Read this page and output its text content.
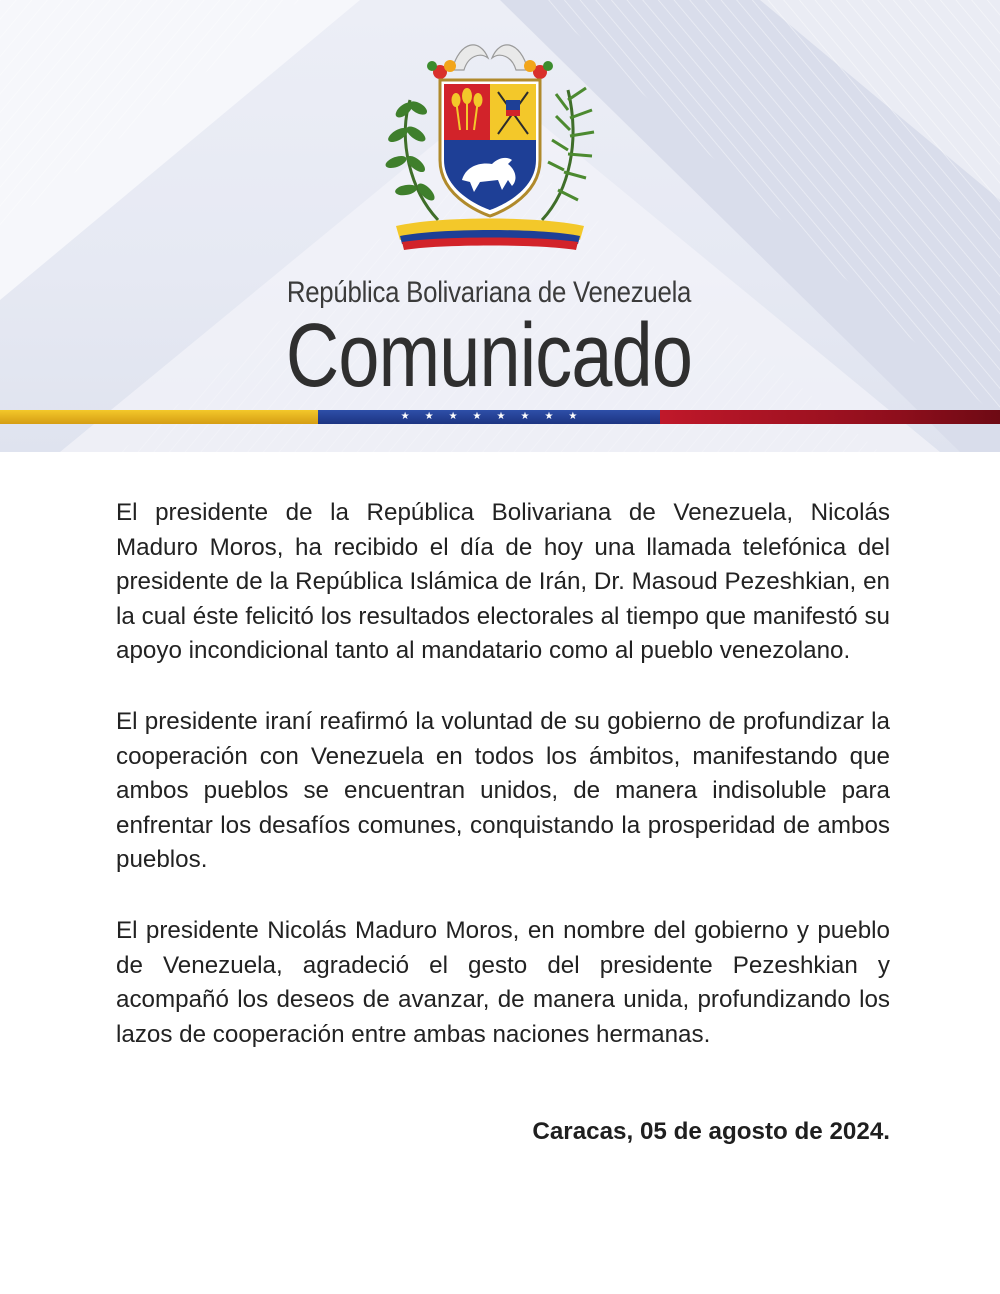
República Bolivariana de Venezuela
Comunicado
★ ★ ★ ★ ★ ★ ★ ★

El presidente de la República Bolivariana de Venezuela, Nicolás Maduro Moros, ha recibido el día de hoy una llamada telefónica del presidente de la República Islámica de Irán, Dr. Masoud Pezeshkian, en la cual éste felicitó los resultados electorales al tiempo que manifestó su apoyo incondicional tanto al mandatario como al pueblo venezolano.

El presidente iraní reafirmó la voluntad de su gobierno de profundizar la cooperación con Venezuela en todos los ámbitos, manifestando que ambos pueblos se encuentran unidos, de manera indisoluble para enfrentar los desafíos comunes, conquistando la prosperidad de ambos pueblos.

El presidente Nicolás Maduro Moros, en nombre del gobierno y pueblo de Venezuela, agradeció el gesto del presidente Pezeshkian y acompañó los deseos de avanzar, de manera unida, profundizando los lazos de cooperación entre ambas naciones hermanas.

Caracas, 05 de agosto de 2024.
